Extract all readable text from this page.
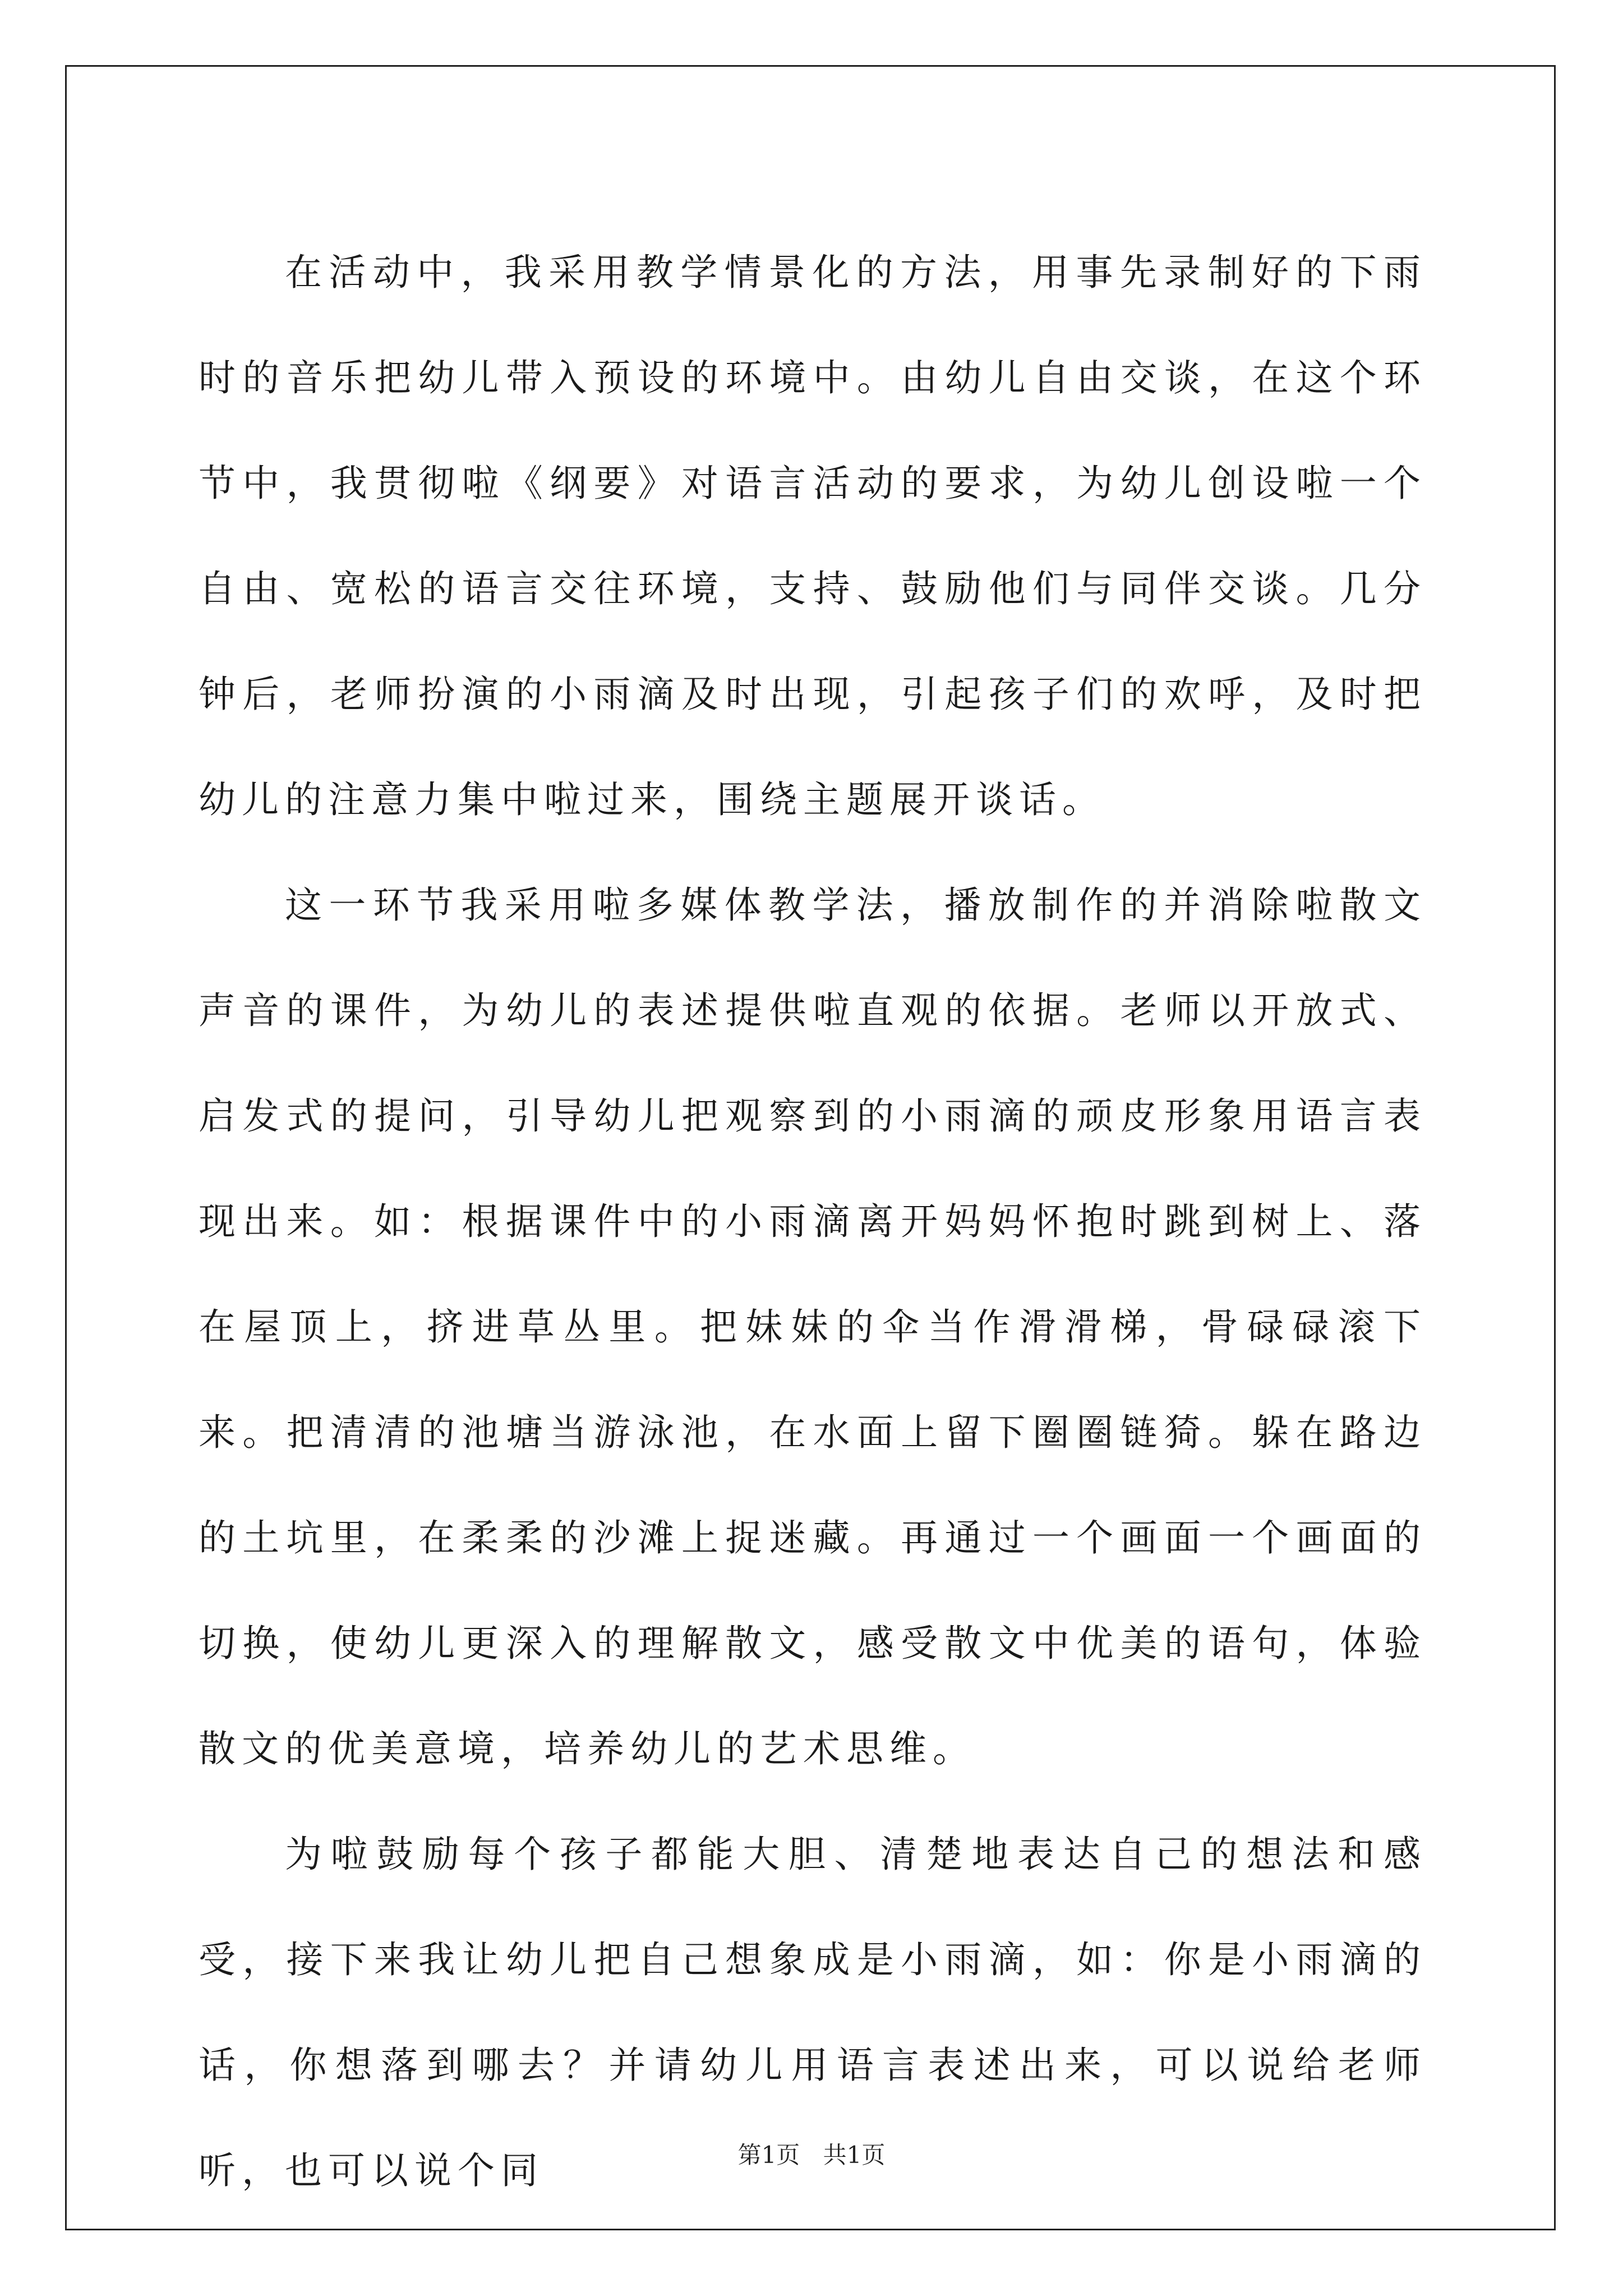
在活动中，我采用教学情景化的方法，用事先录制好的下雨时的音乐把幼儿带入预设的环境中。由幼儿自由交谈，在这个环节中，我贯彻啦《纲要》对语言活动的要求，为幼儿创设啦一个自由、宽松的语言交往环境，支持、鼓励他们与同伴交谈。几分钟后，老师扮演的小雨滴及时出现，引起孩子们的欢呼，及时把幼儿的注意力集中啦过来，围绕主题展开谈话。

这一环节我采用啦多媒体教学法，播放制作的并消除啦散文声音的课件，为幼儿的表述提供啦直观的依据。老师以开放式、启发式的提问，引导幼儿把观察到的小雨滴的顽皮形象用语言表现出来。如：根据课件中的小雨滴离开妈妈怀抱时跳到树上、落在屋顶上，挤进草丛里。把妹妹的伞当作滑滑梯，骨碌碌滚下来。把清清的池塘当游泳池，在水面上留下圈圈链猗。躲在路边的土坑里，在柔柔的沙滩上捉迷藏。再通过一个画面一个画面的切换，使幼儿更深入的理解散文，感受散文中优美的语句，体验散文的优美意境，培养幼儿的艺术思维。

为啦鼓励每个孩子都能大胆、清楚地表达自己的想法和感受，接下来我让幼儿把自己想象成是小雨滴，如：你是小雨滴的话，你想落到哪去？并请幼儿用语言表述出来，可以说给老师听，也可以说个同	第1页 共1页
